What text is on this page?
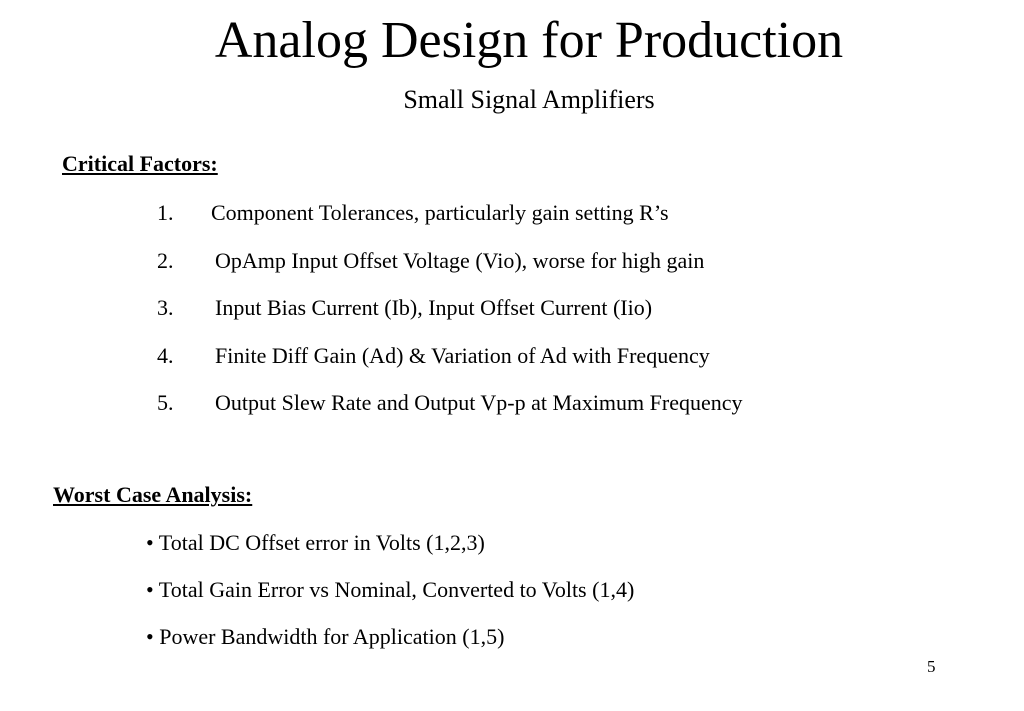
Analog Design for Production
Small Signal Amplifiers
Critical Factors:
1.	Component Tolerances, particularly gain setting R’s
2.	OpAmp Input Offset Voltage (Vio), worse for high gain
3.	Input Bias Current (Ib), Input Offset Current (Iio)
4.	Finite Diff Gain (Ad) & Variation of Ad with Frequency
5.	Output Slew Rate and Output Vp-p at Maximum Frequency
Worst Case Analysis:
• Total DC Offset error in Volts (1,2,3)
• Total Gain Error vs Nominal, Converted to Volts (1,4)
• Power Bandwidth for Application (1,5)
5
